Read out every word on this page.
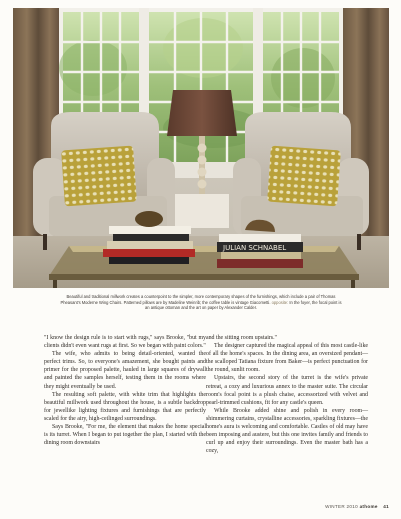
JULIAN SCHNABEL
Beautiful and traditional millwork creates a counterpoint to the simpler, more contemporary shapes of the furnishings, which include a pair of Thomas Pheasant's Moderne Wing Chairs. Patterned pillows are by Madeline Weinrib; the coffee table is vintage Giacometti. opposite: In the foyer, the focal point is an antique ottoman and the art on paper by Alexander Calder.

"I know the design rule is to start with rugs," says Brooke, "but my clients didn't even want rugs at first. So we began with paint colors."

The wife, who admits to being detail-oriented, wanted the perfect trims. So, to everyone's amazement, she bought paints and primer for the proposed palette, hauled in large squares of drywall and painted the samples herself, testing them in the rooms where they might eventually be used.

The resulting soft palette, with white trim that highlights the beautiful millwork used throughout the house, is a subtle backdrop for jewellike lighting fixtures and furnishings that are perfectly scaled for the airy, high-ceilinged surroundings.

Says Brooke, "For me, the element that makes the home special is its turret. When I began to put together the plan, I started with the dining room downstairs

and the sitting room upstairs."

The designer captured the magical appeal of this most castle-like of all the home's spaces. In the dining area, an oversized pendant—the scalloped Tatiana fixture from Baker—is perfect punctuation for the round, sunlit room.

Upstairs, the second story of the turret is the wife's private retreat, a cozy and luxurious annex to the master suite. The circular room's focal point is a plush chaise, accessorized with velvet and pearl-trimmed cushions, fit for any castle's queen.

While Brooke added shine and polish in every room—shimmering curtains, crystalline accessories, sparkling fixtures—the home's aura is welcoming and comfortable. Castles of old may have been imposing and austere, but this one invites family and friends to curl up and enjoy their surroundings. Even the master bath has a cozy,

WINTER 2010 athome 41
